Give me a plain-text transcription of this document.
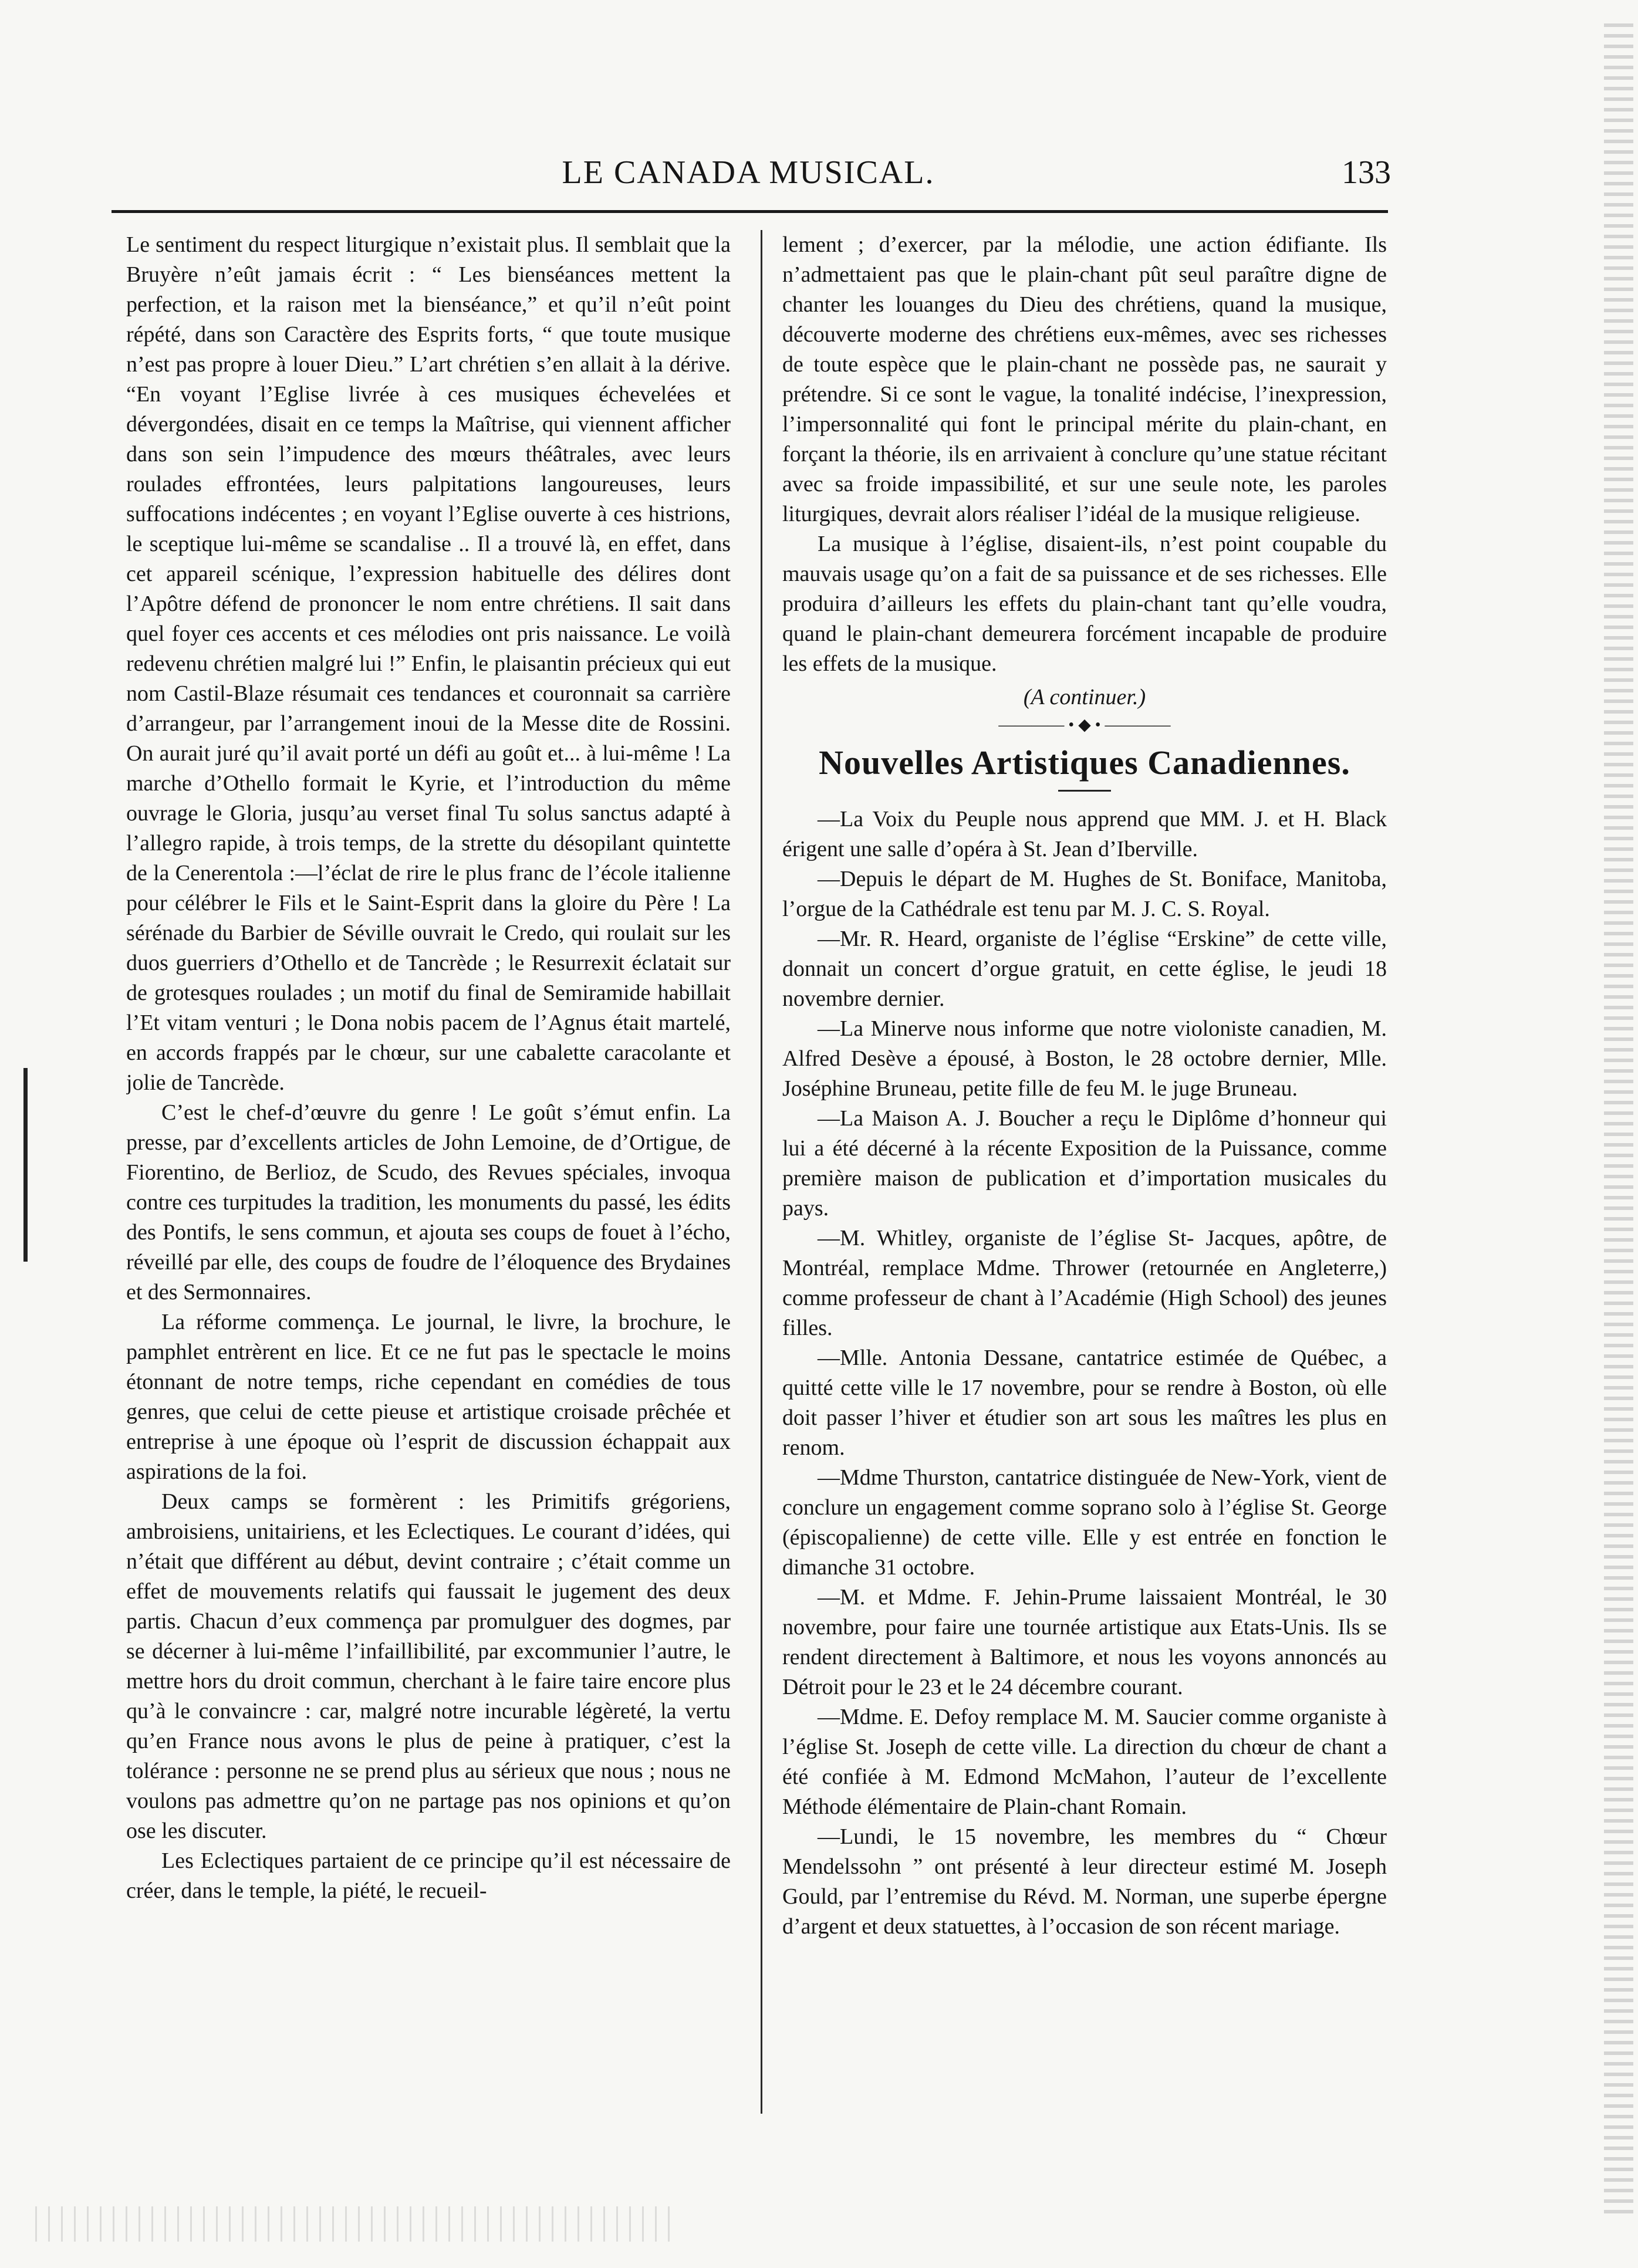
LE CANADA MUSICAL.	133

Le sentiment du respect liturgique n’existait plus. Il semblait que la Bruyère n’eût jamais écrit : “ Les bienséances mettent la perfection, et la raison met la bienséance,” et qu’il n’eût point répété, dans son Caractère des Esprits forts, “ que toute musique n’est pas propre à louer Dieu.” L’art chrétien s’en allait à la dérive. “En voyant l’Eglise livrée à ces musiques échevelées et dévergondées, disait en ce temps la Maîtrise, qui viennent afficher dans son sein l’impudence des mœurs théâtrales, avec leurs roulades effrontées, leurs palpitations langoureuses, leurs suffocations indécentes ; en voyant l’Eglise ouverte à ces histrions, le sceptique lui-même se scandalise .. Il a trouvé là, en effet, dans cet appareil scénique, l’expression habituelle des délires dont l’Apôtre défend de prononcer le nom entre chrétiens. Il sait dans quel foyer ces accents et ces mélodies ont pris naissance. Le voilà redevenu chrétien malgré lui !” Enfin, le plaisantin précieux qui eut nom Castil-Blaze résumait ces tendances et couronnait sa carrière d’arrangeur, par l’arrangement inoui de la Messe dite de Rossini. On aurait juré qu’il avait porté un défi au goût et... à lui-même ! La marche d’Othello formait le Kyrie, et l’introduction du même ouvrage le Gloria, jusqu’au verset final Tu solus sanctus adapté à l’allegro rapide, à trois temps, de la strette du désopilant quintette de la Cenerentola :—l’éclat de rire le plus franc de l’école italienne pour célébrer le Fils et le Saint-Esprit dans la gloire du Père ! La sérénade du Barbier de Séville ouvrait le Credo, qui roulait sur les duos guerriers d’Othello et de Tancrède ; le Resurrexit éclatait sur de grotesques roulades ; un motif du final de Semiramide habillait l’Et vitam venturi ; le Dona nobis pacem de l’Agnus était martelé, en accords frappés par le chœur, sur une cabalette caracolante et jolie de Tancrède.

C’est le chef-d’œuvre du genre ! Le goût s’émut enfin. La presse, par d’excellents articles de John Lemoine, de d’Ortigue, de Fiorentino, de Berlioz, de Scudo, des Revues spéciales, invoqua contre ces turpitudes la tradition, les monuments du passé, les édits des Pontifs, le sens commun, et ajouta ses coups de fouet à l’écho, réveillé par elle, des coups de foudre de l’éloquence des Brydaines et des Sermonnaires.

La réforme commença. Le journal, le livre, la brochure, le pamphlet entrèrent en lice. Et ce ne fut pas le spectacle le moins étonnant de notre temps, riche cependant en comédies de tous genres, que celui de cette pieuse et artistique croisade prêchée et entreprise à une époque où l’esprit de discussion échappait aux aspirations de la foi.

Deux camps se formèrent : les Primitifs grégoriens, ambroisiens, unitairiens, et les Eclectiques. Le courant d’idées, qui n’était que différent au début, devint contraire ; c’était comme un effet de mouvements relatifs qui faussait le jugement des deux partis. Chacun d’eux commença par promulguer des dogmes, par se décerner à lui-même l’infaillibilité, par excommunier l’autre, le mettre hors du droit commun, cherchant à le faire taire encore plus qu’à le convaincre : car, malgré notre incurable légèreté, la vertu qu’en France nous avons le plus de peine à pratiquer, c’est la tolérance : personne ne se prend plus au sérieux que nous ; nous ne voulons pas admettre qu’on ne partage pas nos opinions et qu’on ose les discuter.

Les Eclectiques partaient de ce principe qu’il est nécessaire de créer, dans le temple, la piété, le recueil-

lement ; d’exercer, par la mélodie, une action édifiante. Ils n’admettaient pas que le plain-chant pût seul paraître digne de chanter les louanges du Dieu des chrétiens, quand la musique, découverte moderne des chrétiens eux-mêmes, avec ses richesses de toute espèce que le plain-chant ne possède pas, ne saurait y prétendre. Si ce sont le vague, la tonalité indécise, l’inexpression, l’impersonnalité qui font le principal mérite du plain-chant, en forçant la théorie, ils en arrivaient à conclure qu’une statue récitant avec sa froide impassibilité, et sur une seule note, les paroles liturgiques, devrait alors réaliser l’idéal de la musique religieuse.

La musique à l’église, disaient-ils, n’est point coupable du mauvais usage qu’on a fait de sa puissance et de ses richesses. Elle produira d’ailleurs les effets du plain-chant tant qu’elle voudra, quand le plain-chant demeurera forcément incapable de produire les effets de la musique.

(A continuer.)
———— • ◆ • ————
Nouvelles Artistiques Canadiennes.

—La Voix du Peuple nous apprend que MM. J. et H. Black érigent une salle d’opéra à St. Jean d’Iberville.

—Depuis le départ de M. Hughes de St. Boniface, Manitoba, l’orgue de la Cathédrale est tenu par M. J. C. S. Royal.

—Mr. R. Heard, organiste de l’église “Erskine” de cette ville, donnait un concert d’orgue gratuit, en cette église, le jeudi 18 novembre dernier.

—La Minerve nous informe que notre violoniste canadien, M. Alfred Desève a épousé, à Boston, le 28 octobre dernier, Mlle. Joséphine Bruneau, petite fille de feu M. le juge Bruneau.

—La Maison A. J. Boucher a reçu le Diplôme d’honneur qui lui a été décerné à la récente Exposition de la Puissance, comme première maison de publication et d’importation musicales du pays.

—M. Whitley, organiste de l’église St- Jacques, apôtre, de Montréal, remplace Mdme. Thrower (retournée en Angleterre,) comme professeur de chant à l’Académie (High School) des jeunes filles.

—Mlle. Antonia Dessane, cantatrice estimée de Québec, a quitté cette ville le 17 novembre, pour se rendre à Boston, où elle doit passer l’hiver et étudier son art sous les maîtres les plus en renom.

—Mdme Thurston, cantatrice distinguée de New-York, vient de conclure un engagement comme soprano solo à l’église St. George (épiscopalienne) de cette ville. Elle y est entrée en fonction le dimanche 31 octobre.

—M. et Mdme. F. Jehin-Prume laissaient Montréal, le 30 novembre, pour faire une tournée artistique aux Etats-Unis. Ils se rendent directement à Baltimore, et nous les voyons annoncés au Détroit pour le 23 et le 24 décembre courant.

—Mdme. E. Defoy remplace M. M. Saucier comme organiste à l’église St. Joseph de cette ville. La direction du chœur de chant a été confiée à M. Edmond McMahon, l’auteur de l’excellente Méthode élémentaire de Plain-chant Romain.

—Lundi, le 15 novembre, les membres du “ Chœur Mendelssohn ” ont présenté à leur directeur estimé M. Joseph Gould, par l’entremise du Révd. M. Norman, une superbe épergne d’argent et deux statuettes, à l’occasion de son récent mariage.
